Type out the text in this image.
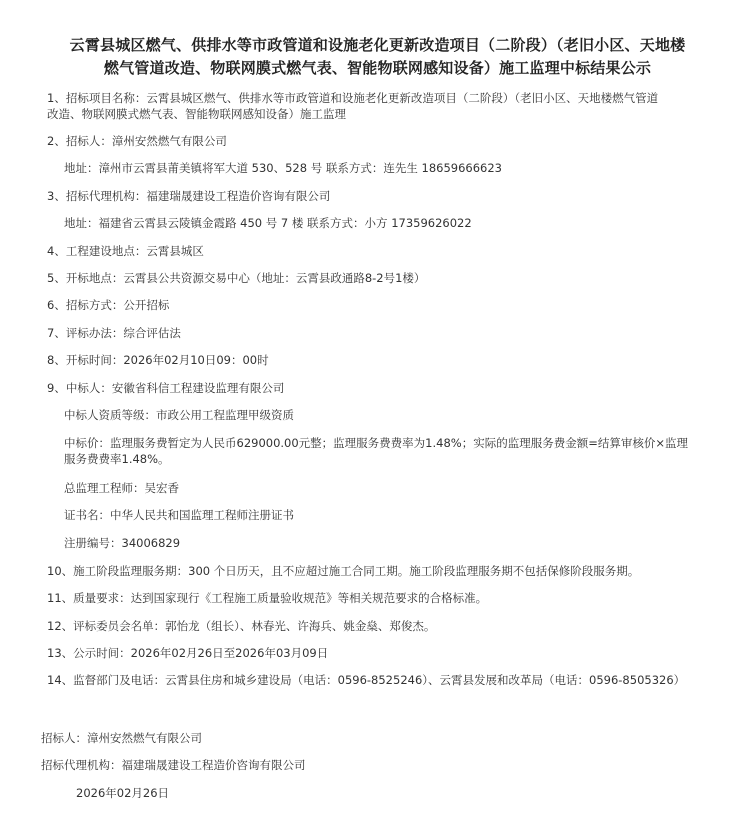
云霄县城区燃气、供排水等市政管道和设施老化更新改造项目（二阶段）（老旧小区、天地楼
燃气管道改造、物联网膜式燃气表、智能物联网感知设备）施工监理中标结果公示
1、招标项目名称：云霄县城区燃气、供排水等市政管道和设施老化更新改造项目（二阶段）（老旧小区、天地楼燃气管道
改造、物联网膜式燃气表、智能物联网感知设备）施工监理
2、招标人：漳州安然燃气有限公司
地址：漳州市云霄县莆美镇将军大道 530、528 号 联系方式：连先生 18659666623
3、招标代理机构：福建瑞晟建设工程造价咨询有限公司
地址：福建省云霄县云陵镇金霞路 450 号 7 楼 联系方式：小方 17359626022
4、工程建设地点：云霄县城区
5、开标地点：云霄县公共资源交易中心（地址：云霄县政通路8-2号1楼）
6、招标方式：公开招标
7、评标办法：综合评估法
8、开标时间：2026年02月10日09：00时
9、中标人：安徽省科信工程建设监理有限公司
中标人资质等级：市政公用工程监理甲级资质
中标价：监理服务费暂定为人民币629000.00元整；监理服务费费率为1.48%；实际的监理服务费金额=结算审核价×监理
服务费费率1.48%。
总监理工程师：吴宏香
证书名：中华人民共和国监理工程师注册证书
注册编号：34006829
10、施工阶段监理服务期：300 个日历天，且不应超过施工合同工期。施工阶段监理服务期不包括保修阶段服务期。
11、质量要求：达到国家现行《工程施工质量验收规范》等相关规范要求的合格标准。
12、评标委员会名单：郭怡龙（组长）、林春光、许海兵、姚金燊、郑俊杰。
13、公示时间：2026年02月26日至2026年03月09日
14、监督部门及电话：云霄县住房和城乡建设局（电话：0596-8525246）、云霄县发展和改革局（电话：0596-8505326）
招标人：漳州安然燃气有限公司
招标代理机构：福建瑞晟建设工程造价咨询有限公司
2026年02月26日
